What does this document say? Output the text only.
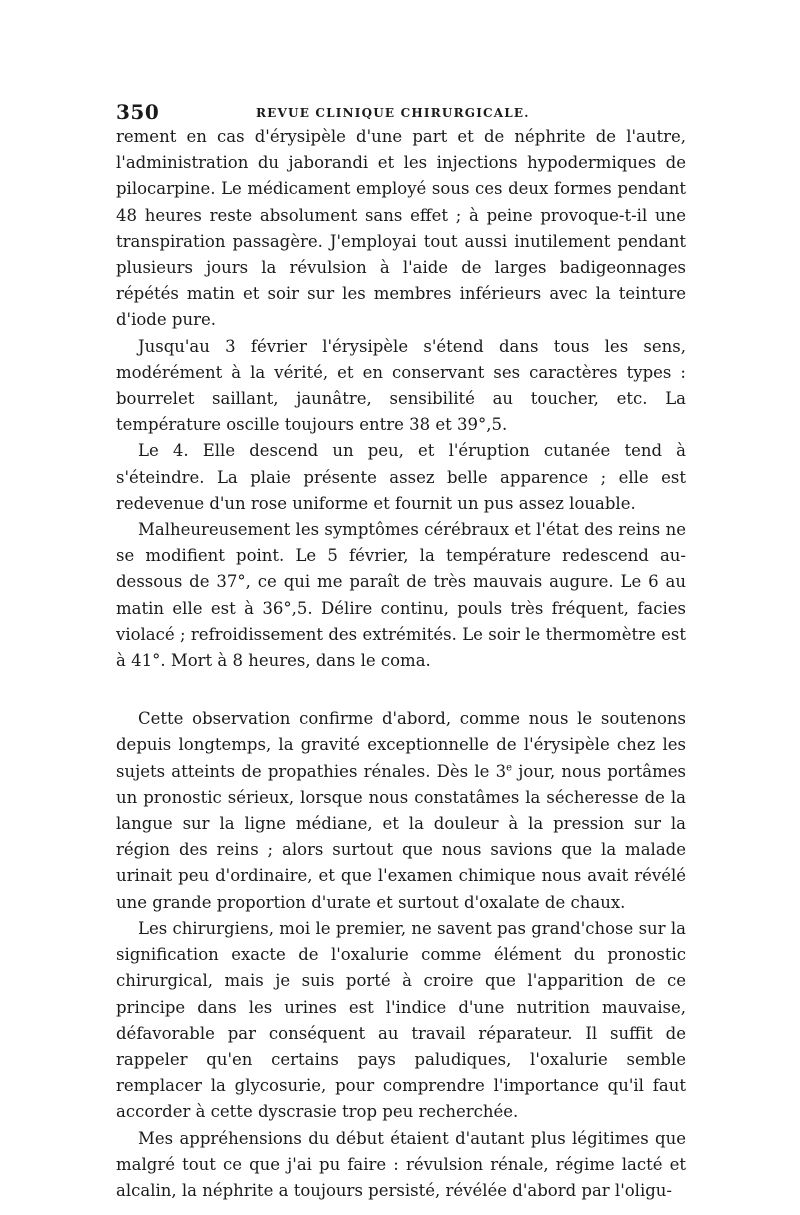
350	REVUE CLINIQUE CHIRURGICALE.

rement en cas d'érysipèle d'une part et de néphrite de l'autre, l'administration du jaborandi et les injections hypodermiques de pilocarpine. Le médicament employé sous ces deux formes pendant 48 heures reste absolument sans effet ; à peine provoque-t-il une transpiration passagère. J'employai tout aussi inutilement pendant plusieurs jours la révulsion à l'aide de larges badigeonnages répétés matin et soir sur les membres inférieurs avec la teinture d'iode pure.

Jusqu'au 3 février l'érysipèle s'étend dans tous les sens, modérément à la vérité, et en conservant ses caractères types : bourrelet saillant, jaunâtre, sensibilité au toucher, etc. La température oscille toujours entre 38 et 39°,5.

Le 4. Elle descend un peu, et l'éruption cutanée tend à s'éteindre. La plaie présente assez belle apparence ; elle est redevenue d'un rose uniforme et fournit un pus assez louable.

Malheureusement les symptômes cérébraux et l'état des reins ne se modifient point. Le 5 février, la température redescend au-dessous de 37°, ce qui me paraît de très mauvais augure. Le 6 au matin elle est à 36°,5. Délire continu, pouls très fréquent, facies violacé ; refroidissement des extrémités. Le soir le thermomètre est à 41°. Mort à 8 heures, dans le coma.

Cette observation confirme d'abord, comme nous le soutenons depuis longtemps, la gravité exceptionnelle de l'érysipèle chez les sujets atteints de propathies rénales. Dès le 3e jour, nous portâmes un pronostic sérieux, lorsque nous constatâmes la sécheresse de la langue sur la ligne médiane, et la douleur à la pression sur la région des reins ; alors surtout que nous savions que la malade urinait peu d'ordinaire, et que l'examen chimique nous avait révélé une grande proportion d'urate et surtout d'oxalate de chaux.

Les chirurgiens, moi le premier, ne savent pas grand'chose sur la signification exacte de l'oxalurie comme élément du pronostic chirurgical, mais je suis porté à croire que l'apparition de ce principe dans les urines est l'indice d'une nutrition mauvaise, défavorable par conséquent au travail réparateur. Il suffit de rappeler qu'en certains pays paludiques, l'oxalurie semble remplacer la glycosurie, pour comprendre l'importance qu'il faut accorder à cette dyscrasie trop peu recherchée.

Mes appréhensions du début étaient d'autant plus légitimes que malgré tout ce que j'ai pu faire : révulsion rénale, régime lacté et alcalin, la néphrite a toujours persisté, révélée d'abord par l'oligu-
